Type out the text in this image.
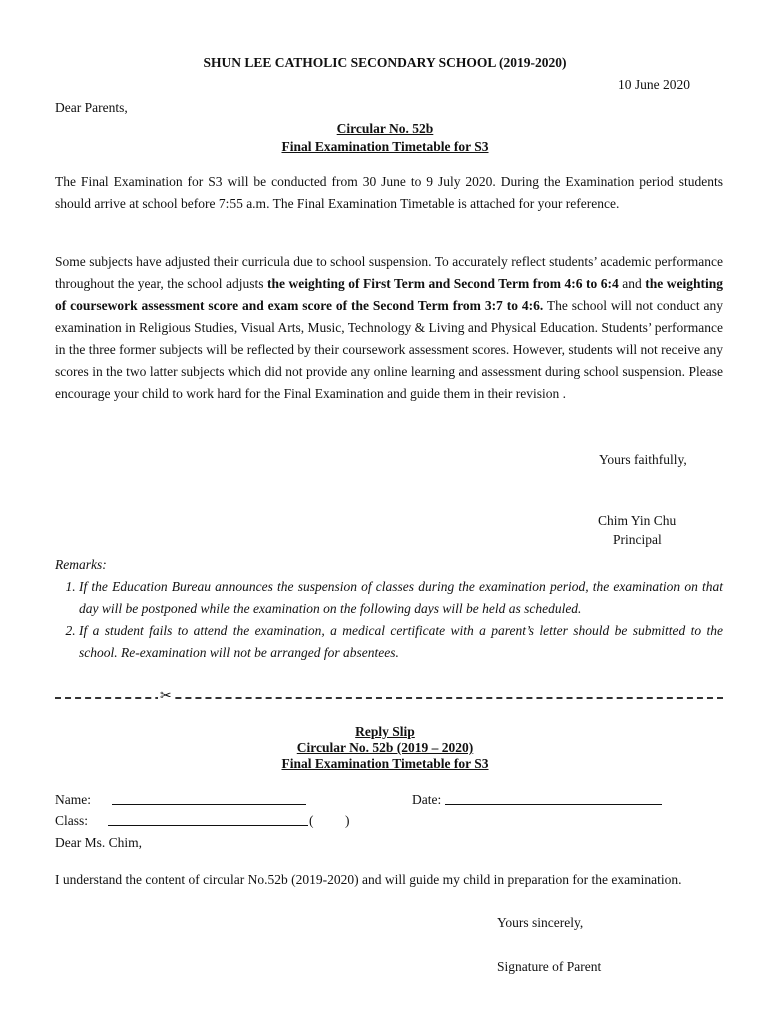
SHUN LEE CATHOLIC SECONDARY SCHOOL (2019-2020)
10 June 2020
Dear Parents,
Circular No. 52b
Final Examination Timetable for S3

The Final Examination for S3 will be conducted from 30 June to 9 July 2020. During the Examination period students should arrive at school before 7:55 a.m. The Final Examination Timetable is attached for your reference.

Some subjects have adjusted their curricula due to school suspension. To accurately reflect students’ academic performance throughout the year, the school adjusts the weighting of First Term and Second Term from 4:6 to 6:4 and the weighting of coursework assessment score and exam score of the Second Term from 3:7 to 4:6. The school will not conduct any examination in Religious Studies, Visual Arts, Music, Technology & Living and Physical Education. Students’ performance in the three former subjects will be reflected by their coursework assessment scores. However, students will not receive any scores in the two latter subjects which did not provide any online learning and assessment during school suspension. Please encourage your child to work hard for the Final Examination and guide them in their revision .

Yours faithfully,
Chim Yin Chu
Principal
Remarks:
1. If the Education Bureau announces the suspension of classes during the examination period, the examination on that day will be postponed while the examination on the following days will be held as scheduled.
2. If a student fails to attend the examination, a medical certificate with a parent’s letter should be submitted to the school. Re-examination will not be arranged for absentees.
✂
Reply Slip
Circular No. 52b (2019 – 2020)
Final Examination Timetable for S3
Name:	Date:
Class:	( )
Dear Ms. Chim,

I understand the content of circular No.52b (2019-2020) and will guide my child in preparation for the examination.

Yours sincerely,
Signature of Parent
